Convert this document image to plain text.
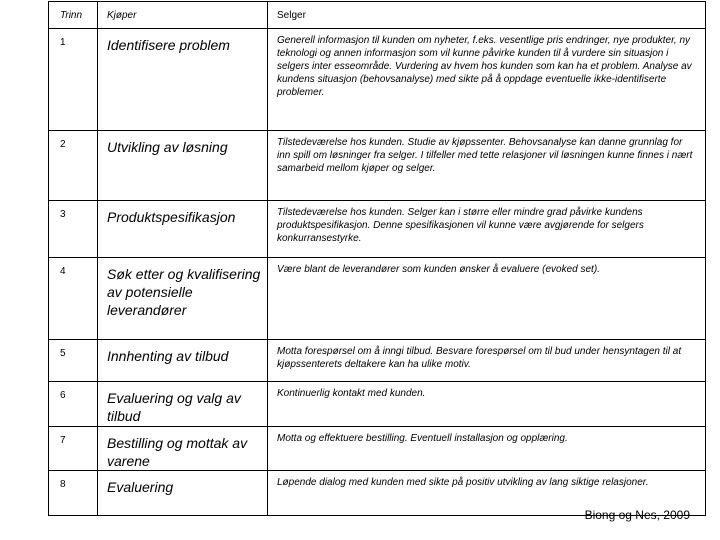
Trinn	Kjøper	Selger
1	Identifisere problem	Generell informasjon til kunden om nyheter, f.eks. vesentlige pris endringer, nye produkter, ny teknologi og annen informasjon som vil kunne påvirke kunden til å vurdere sin situasjon i selgers inter esseområde. Vurdering av hvem hos kunden som kan ha et problem. Analyse av kundens situasjon (behovsanalyse) med sikte på å oppdage eventuelle ikke-identifiserte problemer.
2	Utvikling av løsning	Tilstedeværelse hos kunden. Studie av kjøpssenter. Behovsanalyse kan danne grunnlag for inn spill om løsninger fra selger. I tilfeller med tette relasjoner vil løsningen kunne finnes i nært samarbeid mellom kjøper og selger.
3	Produktspesifikasjon	Tilstedeværelse hos kunden. Selger kan i større eller mindre grad påvirke kundens produktspesifikasjon. Denne spesifikasjonen vil kunne være avgjørende for selgers konkurransestyrke.
4	Søk etter og kvalifisering av potensielle leverandører	Være blant de leverandører som kunden ønsker å evaluere (evoked set).
5	Innhenting av tilbud	Motta forespørsel om å inngi tilbud. Besvare forespørsel om til bud under hensyntagen til at kjøpssenterets deltakere kan ha ulike motiv.
6	Evaluering og valg av tilbud	Kontinuerlig kontakt med kunden.
7	Bestilling og mottak av varene	Motta og effektuere bestilling. Eventuell installasjon og opplæring.
8	Evaluering	Løpende dialog med kunden med sikte på positiv utvikling av lang siktige relasjoner.
Biong og Nes, 2009
